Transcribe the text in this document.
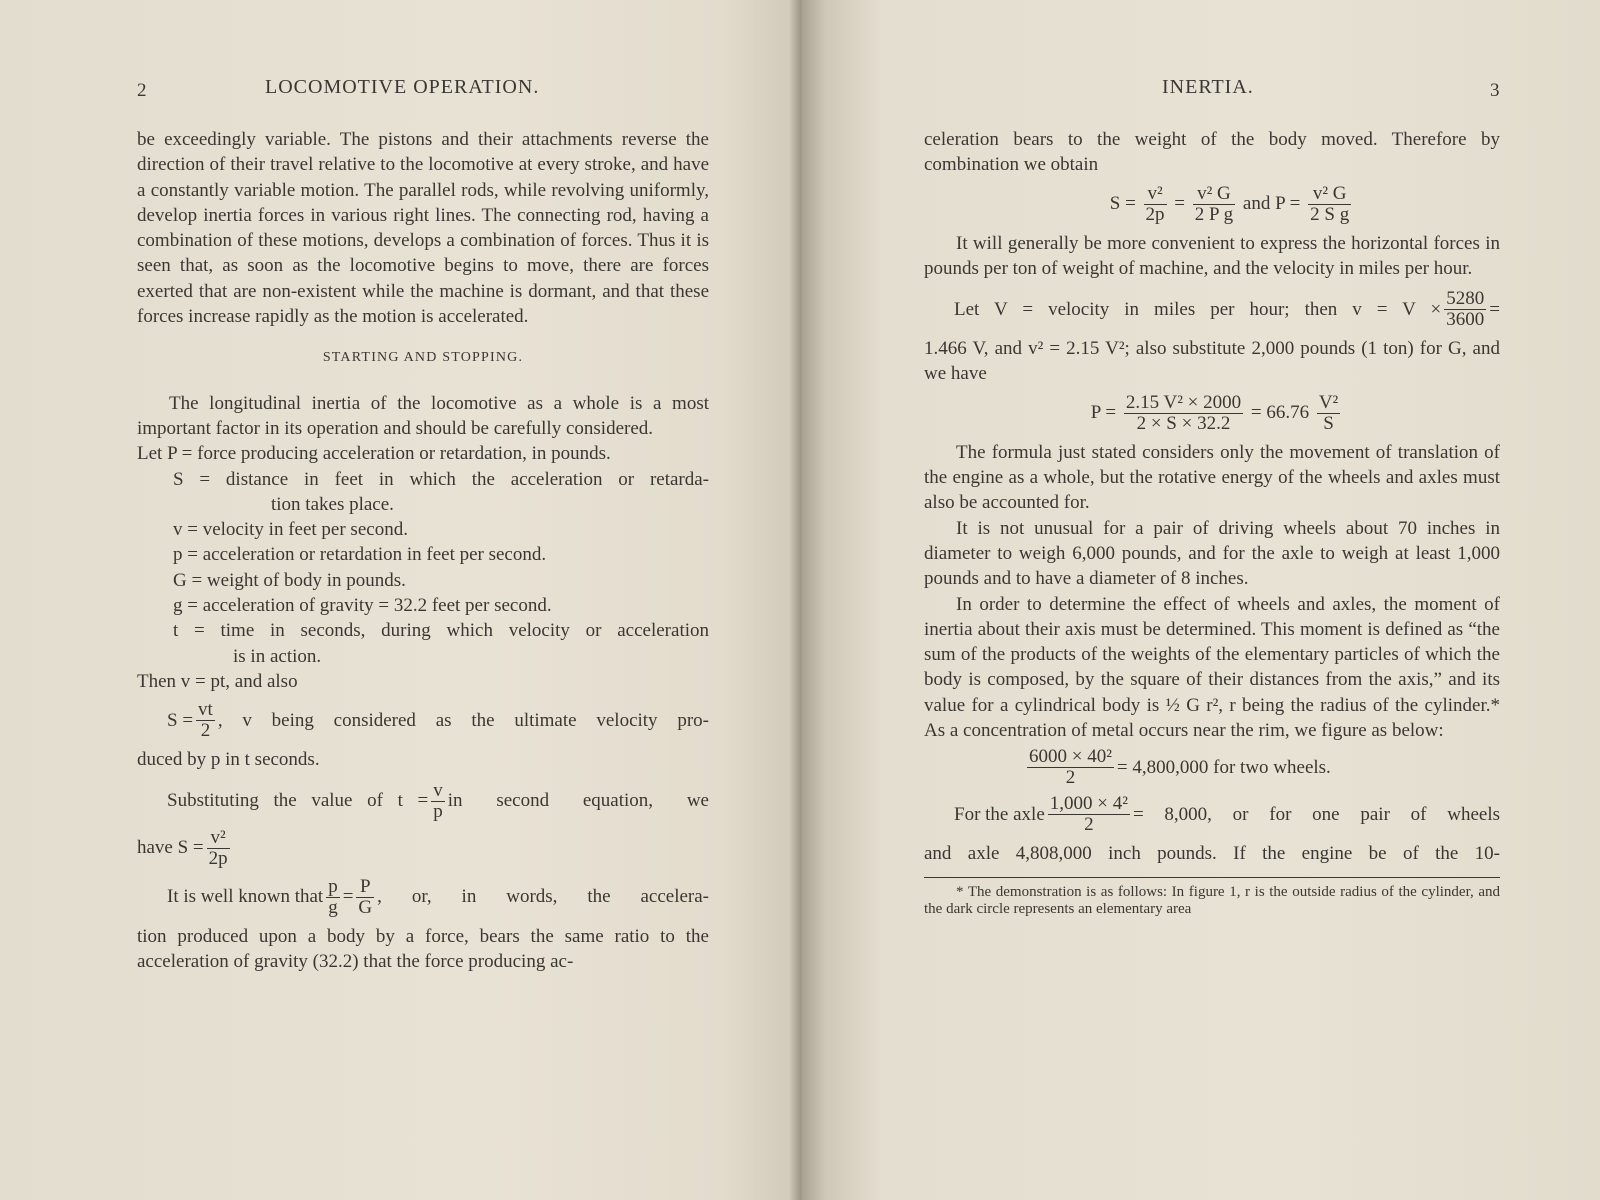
2	LOCOMOTIVE OPERATION.

be exceedingly variable. The pistons and their attachments reverse the direction of their travel relative to the locomotive at every stroke, and have a constantly variable motion. The parallel rods, while revolving uniformly, develop inertia forces in various right lines. The connecting rod, having a combination of these motions, develops a combination of forces. Thus it is seen that, as soon as the locomotive begins to move, there are forces exerted that are non-existent while the machine is dormant, and that these forces increase rapidly as the motion is accelerated.

STARTING AND STOPPING.

The longitudinal inertia of the locomotive as a whole is a most important factor in its operation and should be carefully considered.

Let P = force producing acceleration or retardation, in pounds.
S = distance in feet in which the acceleration or retarda-
tion takes place.
v = velocity in feet per second.
p = acceleration or retardation in feet per second.
G = weight of body in pounds.
g = acceleration of gravity = 32.2 feet per second.
t = time in seconds, during which velocity or acceleration
is in action.
Then v = pt, and also
$S = \frac{vt}{2}$ , v being considered as the ultimate velocity pro-
duced by p in t seconds.
Substituting the value of $t = \frac{v}{p}$ in second equation, we
have $S = \frac{\text{v²}}{2p}$
It is well known that $\frac{p}{g} = \frac{P}{G}$ , or, in words, the accelera-

tion produced upon a body by a force, bears the same ratio to the acceleration of gravity (32.2) that the force producing ac-

INERTIA.	3

celeration bears to the weight of the body moved. Therefore by combination we obtain

$S = \frac{\text{v²}}{2p} = \frac{\text{v² G}}{\text{2 P g}}$ and $P = \frac{\text{v² G}}{\text{2 S g}}$

It will generally be more convenient to express the horizontal forces in pounds per ton of weight of machine, and the velocity in miles per hour.

Let V = velocity in miles per hour; then $v = V \times \frac{5280}{3600}$ =

1.466 V, and v² = 2.15 V²; also substitute 2,000 pounds (1 ton) for G, and we have

$P = \frac{\text{2.15 V² × 2000}}{2 \times S \times 32.2} = 66.76 \frac{\text{V²}}{S}$

The formula just stated considers only the movement of translation of the engine as a whole, but the rotative energy of the wheels and axles must also be accounted for.

It is not unusual for a pair of driving wheels about 70 inches in diameter to weigh 6,000 pounds, and for the axle to weigh at least 1,000 pounds and to have a diameter of 8 inches.

In order to determine the effect of wheels and axles, the moment of inertia about their axis must be determined. This moment is defined as “the sum of the products of the weights of the elementary particles of which the body is composed, by the square of their distances from the axis,” and its value for a cylindrical body is ½ G r², r being the radius of the cylinder.* As a concentration of metal occurs near the rim, we figure as below:

$\frac{\text{6000 × 40²}}{2} = 4,800,000$ for two wheels.
For the axle $\frac{\text{1,000 × 4²}}{2} = 8,000$, or for one pair of wheels

and axle 4,808,000 inch pounds. If the engine be of the 10-

* The demonstration is as follows: In figure 1, r is the outside radius of the cylinder, and the dark circle represents an elementary area
